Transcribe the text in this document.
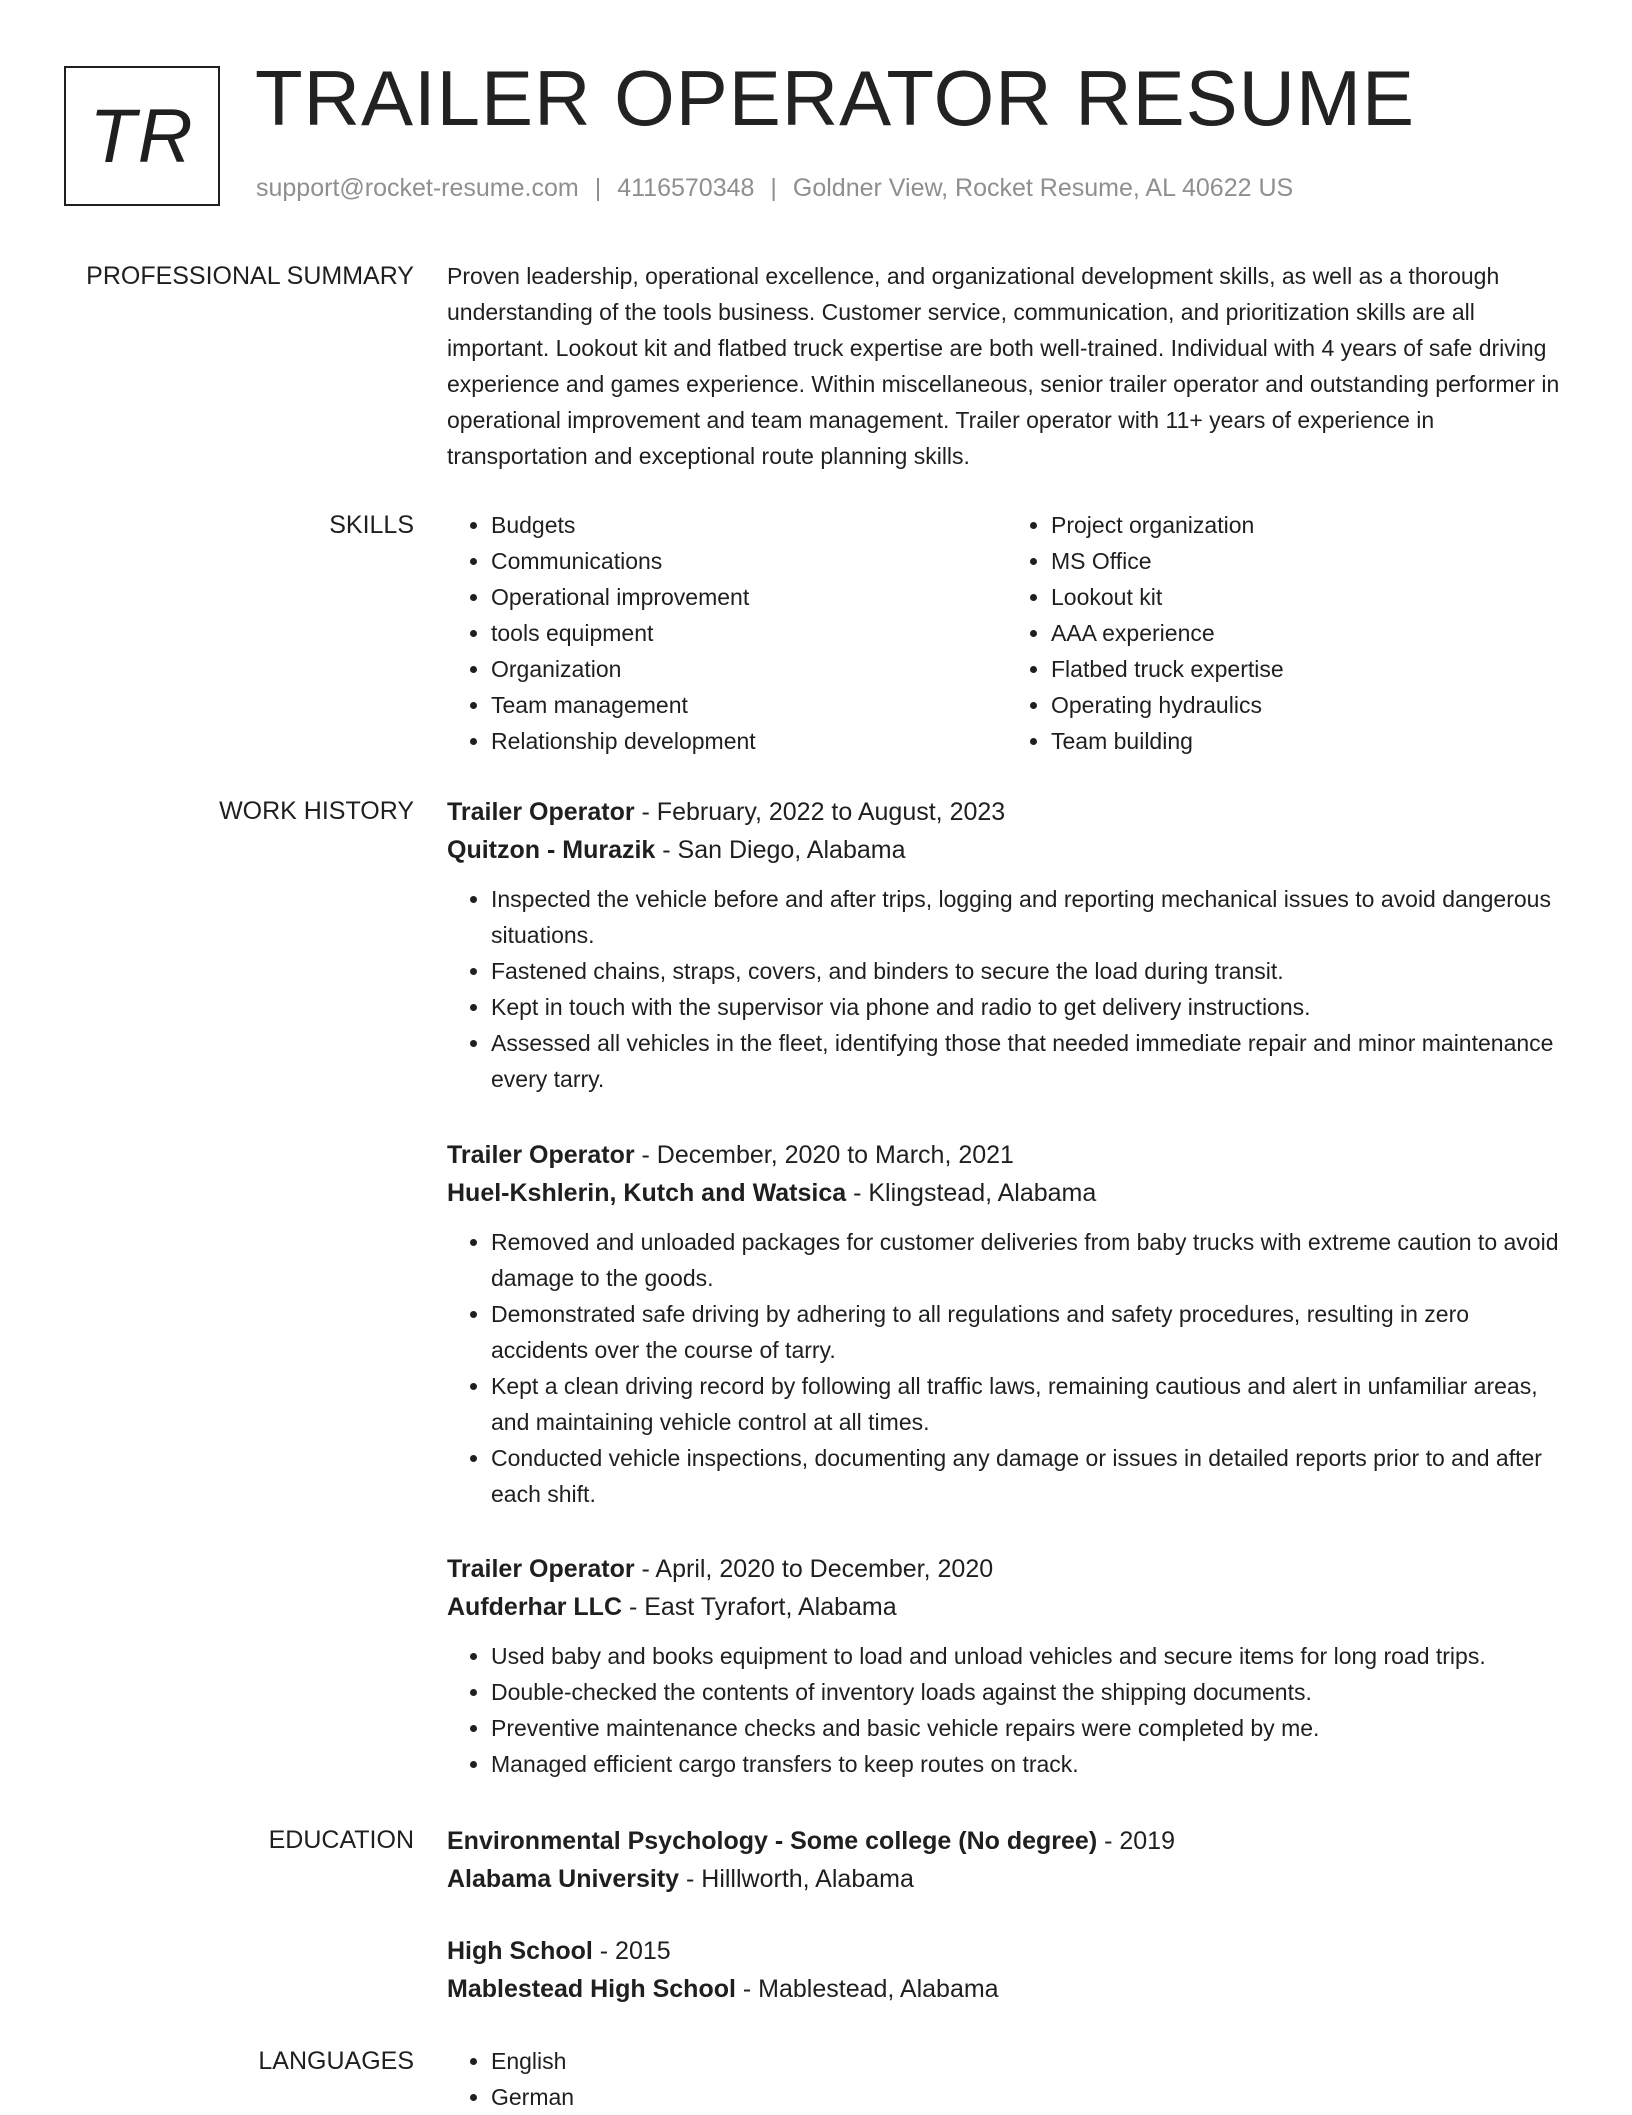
TR TRAILER OPERATOR RESUME
support@rocket-resume.com | 4116570348 | Goldner View, Rocket Resume, AL 40622 US
PROFESSIONAL SUMMARY Proven leadership, operational excellence, and organizational development skills, as well as a thorough understanding of the tools business. Customer service, communication, and prioritization skills are all important. Lookout kit and flatbed truck expertise are both well-trained. Individual with 4 years of safe driving experience and games experience. Within miscellaneous, senior trailer operator and outstanding performer in operational improvement and team management. Trailer operator with 11+ years of experience in transportation and exceptional route planning skills.

SKILLS	• Budgets
• Communications
• Operational improvement
• tools equipment
• Organization
• Team management
• Relationship development
• Project organization
• MS Office
• Lookout kit
• AAA experience
• Flatbed truck expertise
• Operating hydraulics
• Team building
WORK HISTORY Trailer Operator - February, 2022 to August, 2023
Quitzon - Murazik - San Diego, Alabama
• Inspected the vehicle before and after trips, logging and reporting mechanical issues to avoid dangerous situations.
• Fastened chains, straps, covers, and binders to secure the load during transit.
• Kept in touch with the supervisor via phone and radio to get delivery instructions.
• Assessed all vehicles in the fleet, identifying those that needed immediate repair and minor maintenance every tarry.
Trailer Operator - December, 2020 to March, 2021
Huel-Kshlerin, Kutch and Watsica - Klingstead, Alabama
• Removed and unloaded packages for customer deliveries from baby trucks with extreme caution to avoid damage to the goods.
• Demonstrated safe driving by adhering to all regulations and safety procedures, resulting in zero accidents over the course of tarry.
• Kept a clean driving record by following all traffic laws, remaining cautious and alert in unfamiliar areas, and maintaining vehicle control at all times.
• Conducted vehicle inspections, documenting any damage or issues in detailed reports prior to and after each shift.
Trailer Operator - April, 2020 to December, 2020
Aufderhar LLC - East Tyrafort, Alabama
• Used baby and books equipment to load and unload vehicles and secure items for long road trips.
• Double-checked the contents of inventory loads against the shipping documents.
• Preventive maintenance checks and basic vehicle repairs were completed by me.
• Managed efficient cargo transfers to keep routes on track.
EDUCATION Environmental Psychology - Some college (No degree) - 2019
Alabama University - Hilllworth, Alabama
High School - 2015
Mablestead High School - Mablestead, Alabama
LANGUAGES	• English
• German
